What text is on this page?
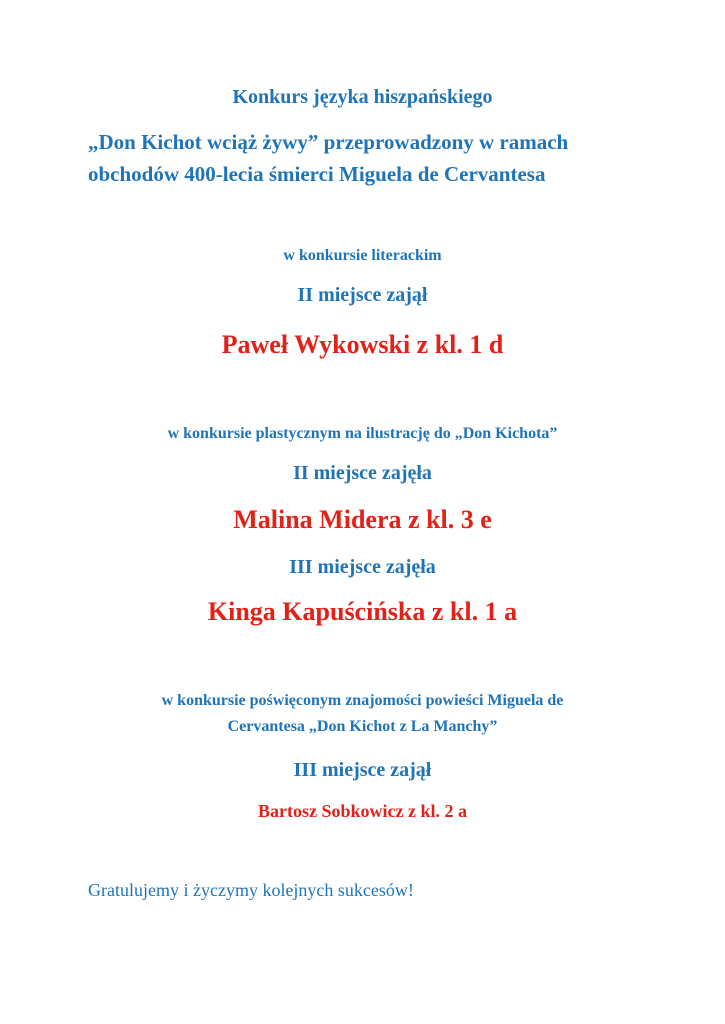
Konkurs języka hiszpańskiego

„Don Kichot wciąż żywy” przeprowadzony w ramach

obchodów 400-lecia śmierci Miguela de Cervantesa

w konkursie literackim

II miejsce zajął

Paweł Wykowski z kl. 1 d

w konkursie plastycznym na ilustrację do „Don Kichota”

II miejsce zajęła

Malina Midera z kl. 3 e

III miejsce zajęła

Kinga Kapuścińska z kl. 1 a

w konkursie poświęconym znajomości powieści Miguela de

Cervantesa „Don Kichot z La Manchy”

III miejsce zajął

Bartosz Sobkowicz z kl. 2 a

Gratulujemy i życzymy kolejnych sukcesów!
